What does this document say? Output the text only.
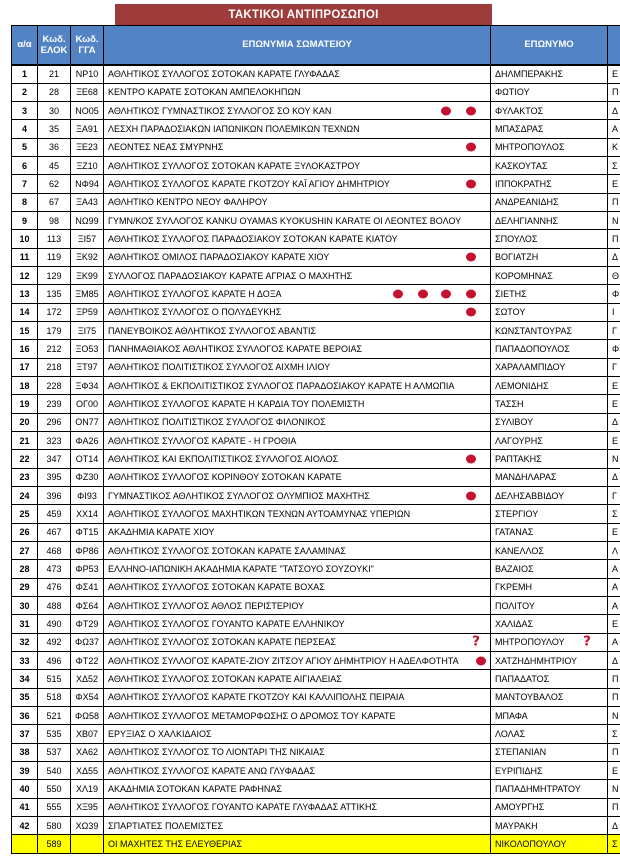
ΤΑΚΤΙΚΟΙ ΑΝΤΙΠΡΟΣΩΠΟΙ
α/α	Κωδ. ΕΛΟΚ	Κωδ. ΓΓΑ	ΕΠΩΝΥΜΙΑ ΣΩΜΑΤΕΙΟΥ	ΕΠΩΝΥΜΟ	
1	21	ΝΡ10	ΑΘΛΗΤΙΚΟΣ ΣΥΛΛΟΓΟΣ ΣΟΤΟΚΑΝ ΚΑΡΑΤΕ ΓΛΥΦΑΔΑΣ	ΔΗΛΜΠΕΡΑΚΗΣ	Ε
2	28	ΞΕ68	ΚΕΝΤΡΟ ΚΑΡΑΤΕ ΣΟΤΟΚΑΝ ΑΜΠΕΛΟΚΗΠΩΝ	ΦΩΤΙΟΥ	Π
3	30	ΝΟ05	ΑΘΛΗΤΙΚΟΣ ΓΥΜΝΑΣΤΙΚΟΣ ΣΥΛΛΟΓΟΣ ΣΟ ΚΟΥ ΚΑΝ	ΦΥΛΑΚΤΟΣ	Δ
4	35	ΞΑ91	ΛΕΣΧΗ ΠΑΡΑΔΟΣΙΑΚΩΝ ΙΑΠΩΝΙΚΩΝ ΠΟΛΕΜΙΚΩΝ ΤΕΧΝΩΝ	ΜΠΑΣΔΡΑΣ	Α
5	36	ΞΕ23	ΛΕΟΝΤΕΣ ΝΕΑΣ ΣΜΥΡΝΗΣ	ΜΗΤΡΟΠΟΥΛΟΣ	Κ
6	45	ΞΖ10	ΑΘΛΗΤΙΚΟΣ ΣΥΛΛΟΓΟΣ ΣΟΤΟΚΑΝ ΚΑΡΑΤΕ ΞΥΛΟΚΑΣΤΡΟΥ	ΚΑΣΚΟΥΤΑΣ	Σ
7	62	ΝΦ94	ΑΘΛΗΤΙΚΟΣ ΣΥΛΛΟΓΟΣ ΚΑΡΑΤΕ ΓΚΟΤΖΟΥ ΚΑΪ ΑΓΙΟΥ ΔΗΜΗΤΡΙΟΥ	ΙΠΠΟΚΡΑΤΗΣ	Ε
8	67	ΞΑ43	ΑΘΛΗΤΙΚΟ ΚΕΝΤΡΟ ΝΕΟΥ ΦΑΛΗΡΟΥ	ΑΝΔΡΕΑΝΙΔΗΣ	Π
9	98	ΝΩ99	ΓΥΜΝ/ΚΟΣ ΣΥΛΛΟΓΟΣ KANKU OYAMAS KYOKUSHIN KARATE ΟΙ ΛΕΟΝΤΕΣ ΒΟΛΟΥ	ΔΕΛΗΓΙΑΝΝΗΣ	Ν
10	113	ΞΙ57	ΑΘΛΗΤΙΚΟΣ ΣΥΛΛΟΓΟΣ ΠΑΡΑΔΟΣΙΑΚΟΥ ΣΟΤΟΚΑΝ ΚΑΡΑΤΕ ΚΙΑΤΟΥ	ΣΠΟΥΛΟΣ	Π
11	119	ΞΚ92	ΑΘΛΗΤΙΚΟΣ ΟΜΙΛΟΣ ΠΑΡΑΔΟΣΙΑΚΟΥ ΚΑΡΑΤΕ ΧΙΟΥ	ΒΟΓΙΑΤΖΗ	Δ
12	129	ΞΚ99	ΣΥΛΛΟΓΟΣ ΠΑΡΑΔΟΣΙΑΚΟΥ ΚΑΡΑΤΕ ΑΓΡΙΑΣ Ο ΜΑΧΗΤΗΣ	ΚΟΡΟΜΗΝΑΣ	Θ
13	135	ΞΜ85	ΑΘΛΗΤΙΚΟΣ ΣΥΛΛΟΓΟΣ ΚΑΡΑΤΕ Η ΔΟΞΑ	ΣΙΕΤΗΣ	Φ
14	172	ΞΡ59	ΑΘΛΗΤΙΚΟΣ ΣΥΛΛΟΓΟΣ Ο ΠΟΛΥΔΕΥΚΗΣ	ΣΩΤΟΥ	Ι
15	179	ΞΙ75	ΠΑΝΕΥΒΟΙΚΟΣ ΑΘΛΗΤΙΚΟΣ ΣΥΛΛΟΓΟΣ ΑΒΑΝΤΙΣ	ΚΩΝΣΤΑΝΤΟΥΡΑΣ	Γ
16	212	ΞΟ53	ΠΑΝΗΜΑΘΙΑΚΟΣ ΑΘΛΗΤΙΚΟΣ ΣΥΛΛΟΓΟΣ ΚΑΡΑΤΕ ΒΕΡΟΙΑΣ	ΠΑΠΑΔΟΠΟΥΛΟΣ	Φ
17	218	ΞΤ97	ΑΘΛΗΤΙΚΟΣ ΠΟΛΙΤΙΣΤΙΚΟΣ ΣΥΛΛΟΓΟΣ ΑΙΧΜΗ ΙΛΙΟΥ	ΧΑΡΑΛΑΜΠΙΔΟΥ	Γ
18	228	ΞΦ34	ΑΘΛΗΤΙΚΟΣ & ΕΚΠΟΛΙΤΙΣΤΙΚΟΣ ΣΥΛΛΟΓΟΣ ΠΑΡΑΔΟΣΙΑΚΟΥ ΚΑΡΑΤΕ Η ΑΛΜΩΠΙΑ	ΛΕΜΟΝΙΔΗΣ	Ε
19	239	ΟΓ00	ΑΘΛΗΤΙΚΟΣ ΣΥΛΛΟΓΟΣ ΚΑΡΑΤΕ Η ΚΑΡΔΙΑ ΤΟΥ ΠΟΛΕΜΙΣΤΗ	ΤΑΣΣΗ	Ε
20	296	ΟΝ77	ΑΘΛΗΤΙΚΟΣ ΠΟΛΙΤΙΣΤΙΚΟΣ ΣΥΛΛΟΓΟΣ ΦΙΛΟΝΙΚΟΣ	ΣΥΛΙΒΟΥ	Δ
21	323	ΦΑ26	ΑΘΛΗΤΙΚΟΣ ΣΥΛΛΟΓΟΣ ΚΑΡΑΤΕ - Η ΓΡΟΘΙΑ	ΛΑΓΟΥΡΗΣ	Ε
22	347	ΟΤ14	ΑΘΛΗΤΙΚΟΣ ΚΑΙ ΕΚΠΟΛΙΤΙΣΤΙΚΟΣ ΣΥΛΛΟΓΟΣ ΑΙΟΛΟΣ	ΡΑΠΤΑΚΗΣ	Ν
23	395	ΦΖ30	ΑΘΛΗΤΙΚΟΣ ΣΥΛΛΟΓΟΣ ΚΟΡΙΝΘΟΥ ΣΟΤΟΚΑΝ ΚΑΡΑΤΕ	ΜΑΝΔΗΛΑΡΑΣ	Δ
24	396	ΦΙ93	ΓΥΜΝΑΣΤΙΚΟΣ ΑΘΛΗΤΙΚΟΣ ΣΥΛΛΟΓΟΣ ΟΛΥΜΠΙΟΣ ΜΑΧΗΤΗΣ	ΔΕΛΗΣΑΒΒΙΔΟΥ	Γ
25	459	ΧΧ14	ΑΘΛΗΤΙΚΟΣ ΣΥΛΛΟΓΟΣ ΜΑΧΗΤΙΚΩΝ ΤΕΧΝΩΝ ΑΥΤΟΑΜΥΝΑΣ ΥΠΕΡΙΩΝ	ΣΤΕΡΓΙΟΥ	Σ
26	467	ΦΤ15	ΑΚΑΔΗΜΙΑ ΚΑΡΑΤΕ ΧΙΟΥ	ΓΑΤΑΝΑΣ	Ε
27	468	ΦΡ86	ΑΘΛΗΤΙΚΟΣ ΣΥΛΛΟΓΟΣ ΣΟΤΟΚΑΝ ΚΑΡΑΤΕ ΣΑΛΑΜΙΝΑΣ	ΚΑΝΕΛΛΟΣ	Λ
28	473	ΦΡ53	ΕΛΛΗΝΟ-ΙΑΠΩΝΙΚΗ ΑΚΑΔΗΜΙΑ ΚΑΡΑΤΕ "ΤΑΤΣΟΥΟ ΣΟΥΖΟΥΚΙ"	ΒΑΖΑΙΟΣ	Α
29	476	ΦΣ41	ΑΘΛΗΤΙΚΟΣ ΣΥΛΛΟΓΟΣ ΣΟΤΟΚΑΝ ΚΑΡΑΤΕ ΒΟΧΑΣ	ΓΚΡΕΜΗ	Α
30	488	ΦΣ64	ΑΘΛΗΤΙΚΟΣ ΣΥΛΛΟΓΟΣ ΑΘΛΟΣ ΠΕΡΙΣΤΕΡΙΟΥ	ΠΟΛΙΤΟΥ	Α
31	490	ΦΤ29	ΑΘΛΗΤΙΚΟΣ ΣΥΛΛΟΓΟΣ ΓΟΥΑΝΤΟ ΚΑΡΑΤΕ ΕΛΛΗΝΙΚΟΥ	ΧΑΛΙΔΑΣ	Ε
32	492	ΦΩ37	ΑΘΛΗΤΙΚΟΣ ΣΥΛΛΟΓΟΣ ΣΟΤΟΚΑΝ ΚΑΡΑΤΕ ΠΕΡΣΕΑΣ ?	ΜΗΤΡΟΠΟΥΛΟΥ ?	Α
33	496	ΦΤ22	ΑΘΛΗΤΙΚΟΣ ΣΥΛΛΟΓΟΣ ΚΑΡΑΤΕ-ΖΙΟΥ ΖΙΤΣΟΥ ΑΓΙΟΥ ΔΗΜΗΤΡΙΟΥ Η ΑΔΕΛΦΟΤΗΤΑ	ΧΑΤΖΗΔΗΜΗΤΡΙΟΥ	Δ
34	515	ΧΔ52	ΑΘΛΗΤΙΚΟΣ ΣΥΛΛΟΓΟΣ ΣΟΤΟΚΑΝ ΚΑΡΑΤΕ ΑΙΓΙΑΛΕΙΑΣ	ΠΑΠΑΔΑΤΟΣ	Π
35	518	ΦΧ54	ΑΘΛΗΤΙΚΟΣ ΣΥΛΛΟΓΟΣ ΚΑΡΑΤΕ ΓΚΟΤΖΟΥ ΚΑΙ ΚΑΛΛΙΠΟΛΗΣ ΠΕΙΡΑΙΑ	ΜΑΝΤΟΥΒΑΛΟΣ	Π
36	521	ΦΩ58	ΑΘΛΗΤΙΚΟΣ ΣΥΛΛΟΓΟΣ ΜΕΤΑΜΟΡΦΩΣΗΣ Ο ΔΡΟΜΟΣ ΤΟΥ ΚΑΡΑΤΕ	ΜΠΑΦΑ	Ν
37	535	ΧΒ07	ΕΡΥΞΙΑΣ Ο ΧΑΛΚΙΔΑΙΟΣ	ΛΟΛΑΣ	Σ
38	537	ΧΑ62	ΑΘΛΗΤΙΚΟΣ ΣΥΛΛΟΓΟΣ ΤΟ ΛΙΟΝΤΑΡΙ ΤΗΣ ΝΙΚΑΙΑΣ	ΣΤΕΠΑΝΙΑΝ	Π
39	540	ΧΔ55	ΑΘΛΗΤΙΚΟΣ ΣΥΛΛΟΓΟΣ ΚΑΡΑΤΕ ΑΝΩ ΓΛΥΦΑΔΑΣ	ΕΥΡΙΠΙΔΗΣ	Ε
40	550	ΧΛ19	ΑΚΑΔΗΜΙΑ ΣΟΤΟΚΑΝ ΚΑΡΑΤΕ ΡΑΦΗΝΑΣ	ΠΑΠΑΔΗΜΗΤΡΑΤΟΥ	Ν
41	555	ΧΞ95	ΑΘΛΗΤΙΚΟΣ ΣΥΛΛΟΓΟΣ ΓΟΥΑΝΤΟ ΚΑΡΑΤΕ ΓΛΥΦΑΔΑΣ ΑΤΤΙΚΗΣ	ΑΜΟΥΡΓΗΣ	Π
42	580	ΧΩ39	ΣΠΑΡΤΙΑΤΕΣ ΠΟΛΕΜΙΣΤΕΣ	ΜΑΥΡΑΚΗ	Δ
	589		ΟΙ ΜΑΧΗΤΕΣ ΤΗΣ ΕΛΕΥΘΕΡΙΑΣ	ΝΙΚΟΛΟΠΟΥΛΟΥ	Σ
